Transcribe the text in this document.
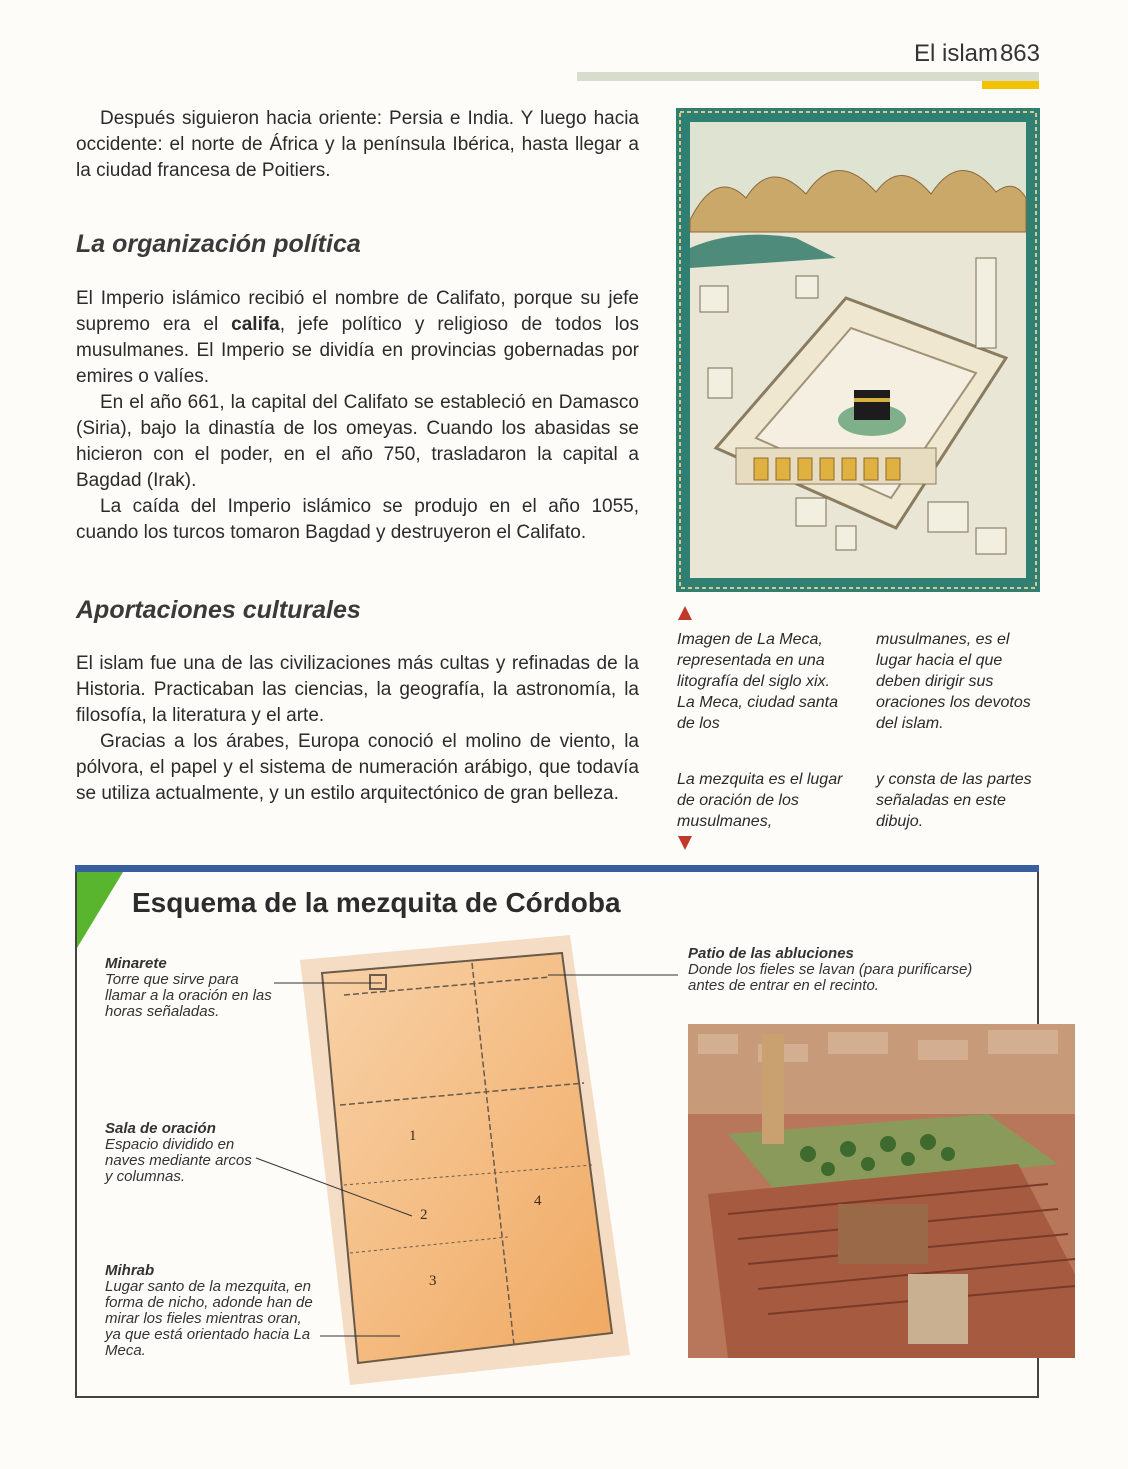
El islam 863

Después siguieron hacia oriente: Persia e India. Y luego hacia occidente: el norte de África y la península Ibérica, hasta llegar a la ciudad francesa de Poitiers.

La organización política

El Imperio islámico recibió el nombre de Califato, porque su jefe supremo era el califa, jefe político y religioso de todos los musulmanes. El Imperio se dividía en provincias gobernadas por emires o valíes.

En el año 661, la capital del Califato se estableció en Damasco (Siria), bajo la dinastía de los omeyas. Cuando los abasidas se hicieron con el poder, en el año 750, trasladaron la capital a Bagdad (Irak).

La caída del Imperio islámico se produjo en el año 1055, cuando los turcos tomaron Bagdad y destruyeron el Califato.

Aportaciones culturales

El islam fue una de las civilizaciones más cultas y refinadas de la Historia. Practicaban las ciencias, la geografía, la astronomía, la filosofía, la literatura y el arte.

Gracias a los árabes, Europa conoció el molino de viento, la pólvora, el papel y el sistema de numeración arábigo, que todavía se utiliza actualmente, y un estilo arquitectónico de gran belleza.

Imagen de La Meca, representada en una litografía del siglo xix. La Meca, ciudad santa de los
musulmanes, es el lugar hacia el que deben dirigir sus oraciones los devotos del islam.
La mezquita es el lugar de oración de los musulmanes,
y consta de las partes señaladas en este dibujo.
Esquema de la mezquita de Córdoba
1
2
3
4
Minarete
Torre que sirve para llamar a la oración en las horas señaladas.
Sala de oración
Espacio dividido en naves mediante arcos y columnas.
Mihrab
Lugar santo de la mezquita, en forma de nicho, adonde han de mirar los fieles mientras oran, ya que está orientado hacia La Meca.
Patio de las abluciones
Donde los fieles se lavan (para purificarse) antes de entrar en el recinto.
